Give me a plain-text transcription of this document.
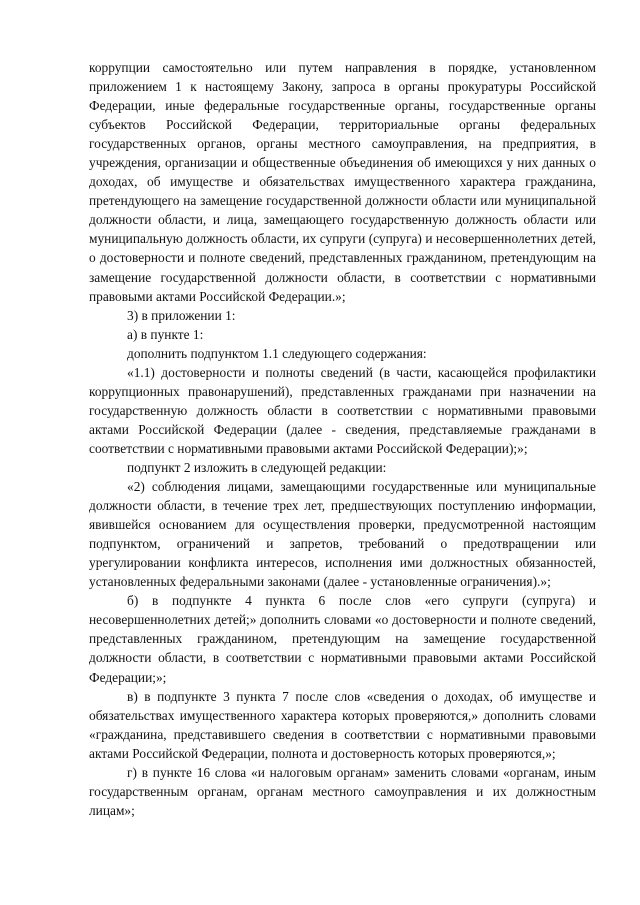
коррупции самостоятельно или путем направления в порядке, установленном приложением 1 к настоящему Закону, запроса в органы прокуратуры Российской Федерации, иные федеральные государственные органы, государственные органы субъектов Российской Федерации, территориальные органы федеральных государственных органов, органы местного самоуправления, на предприятия, в учреждения, организации и общественные объединения об имеющихся у них данных о доходах, об имуществе и обязательствах имущественного характера гражданина, претендующего на замещение государственной должности области или муниципальной должности области, и лица, замещающего государственную должность области или муниципальную должность области, их супруги (супруга) и несовершеннолетних детей, о достоверности и полноте сведений, представленных гражданином, претендующим на замещение государственной должности области, в соответствии с нормативными правовыми актами Российской Федерации.»;

3) в приложении 1:

а) в пункте 1:

дополнить подпунктом 1.1 следующего содержания:

«1.1) достоверности и полноты сведений (в части, касающейся профилактики коррупционных правонарушений), представленных гражданами при назначении на государственную должность области в соответствии с нормативными правовыми актами Российской Федерации (далее - сведения, представляемые гражданами в соответствии с нормативными правовыми актами Российской Федерации);»;

подпункт 2 изложить в следующей редакции:

«2) соблюдения лицами, замещающими государственные или муниципальные должности области, в течение трех лет, предшествующих поступлению информации, явившейся основанием для осуществления проверки, предусмотренной настоящим подпунктом, ограничений и запретов, требований о предотвращении или урегулировании конфликта интересов, исполнения ими должностных обязанностей, установленных федеральными законами (далее - установленные ограничения).»;

б) в подпункте 4 пункта 6 после слов «его супруги (супруга) и несовершеннолетних детей;» дополнить словами «о достоверности и полноте сведений, представленных гражданином, претендующим на замещение государственной должности области, в соответствии с нормативными правовыми актами Российской Федерации;»;

в) в подпункте 3 пункта 7 после слов «сведения о доходах, об имуществе и обязательствах имущественного характера которых проверяются,» дополнить словами «гражданина, представившего сведения в соответствии с нормативными правовыми актами Российской Федерации, полнота и достоверность которых проверяются,»;

г) в пункте 16 слова «и налоговым органам» заменить словами «органам, иным государственным органам, органам местного самоуправления и их должностным лицам»;
